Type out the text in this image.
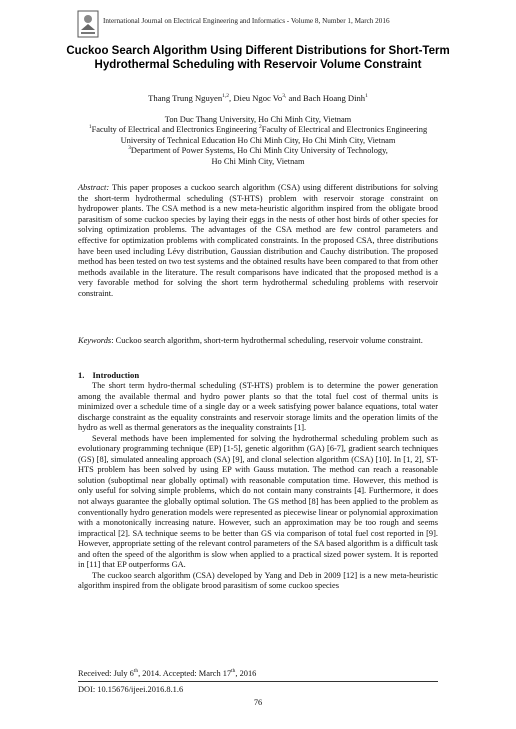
International Journal on Electrical Engineering and Informatics - Volume 8, Number 1, March 2016
Cuckoo Search Algorithm Using Different Distributions for Short-Term
Hydrothermal Scheduling with Reservoir Volume Constraint
Thang Trung Nguyen$^{1,2}$, Dieu Ngoc $Vo^{3,}$ and Bach Hoang Dinh$^1$
Ton Duc Thang University, Ho Chi Minh City, Vietnam
$^1$Faculty of Electrical and Electronics Engineering $^2$Faculty of Electrical and Electronics Engineering
University of Technical Education Ho Chi Minh City, Ho Chi Minh City, Vietnam
$^3$Department of Power Systems, Ho Chi Minh City University of Technology,
Ho Chi Minh City, Vietnam
Abstract: This paper proposes a cuckoo search algorithm (CSA) using different distributions for solving the short-term hydrothermal scheduling (ST-HTS) problem with reservoir storage constraint on hydropower plants. The CSA method is a new meta-heuristic algorithm inspired from the obligate brood parasitism of some cuckoo species by laying their eggs in the nests of other host birds of other species for solving optimization problems. The advantages of the CSA method are few control parameters and effective for optimization problems with complicated constraints. In the proposed CSA, three distributions have been used including Lévy distribution, Gaussian distribution and Cauchy distribution. The proposed method has been tested on two test systems and the obtained results have been compared to that from other methods available in the literature. The result comparisons have indicated that the proposed method is a very favorable method for solving the short term hydrothermal scheduling problems with reservoir constraint.
Keywords: Cuckoo search algorithm, short-term hydrothermal scheduling, reservoir volume constraint.
1. Introduction

The short term hydro-thermal scheduling (ST-HTS) problem is to determine the power generation among the available thermal and hydro power plants so that the total fuel cost of thermal units is minimized over a schedule time of a single day or a week satisfying power balance equations, total water discharge constraint as the equality constraints and reservoir storage limits and the operation limits of the hydro as well as thermal generators as the inequality constraints [1].

Several methods have been implemented for solving the hydrothermal scheduling problem such as evolutionary programming technique (EP) [1-5], genetic algorithm (GA) [6-7], gradient search techniques (GS) [8], simulated annealing approach (SA) [9], and clonal selection algorithm (CSA) [10]. In [1, 2], ST-HTS problem has been solved by using EP with Gauss mutation. The method can reach a reasonable solution (suboptimal near globally optimal) with reasonable computation time. However, this method is only useful for solving simple problems, which do not contain many constraints [4]. Furthermore, it does not always guarantee the globally optimal solution. The GS method [8] has been applied to the problem as conventionally hydro generation models were represented as piecewise linear or polynomial approximation with a monotonically increasing nature. However, such an approximation may be too rough and seems impractical [2]. SA technique seems to be better than GS via comparison of total fuel cost reported in [9]. However, appropriate setting of the relevant control parameters of the SA based algorithm is a difficult task and often the speed of the algorithm is slow when applied to a practical sized power system. It is reported in [11] that EP outperforms GA.

The cuckoo search algorithm (CSA) developed by Yang and Deb in 2009 [12] is a new meta-heuristic algorithm inspired from the obligate brood parasitism of some cuckoo species

Received: July 6th, 2014. Accepted: March 17th, 2016
DOI: 10.15676/ijeei.2016.8.1.6
76
